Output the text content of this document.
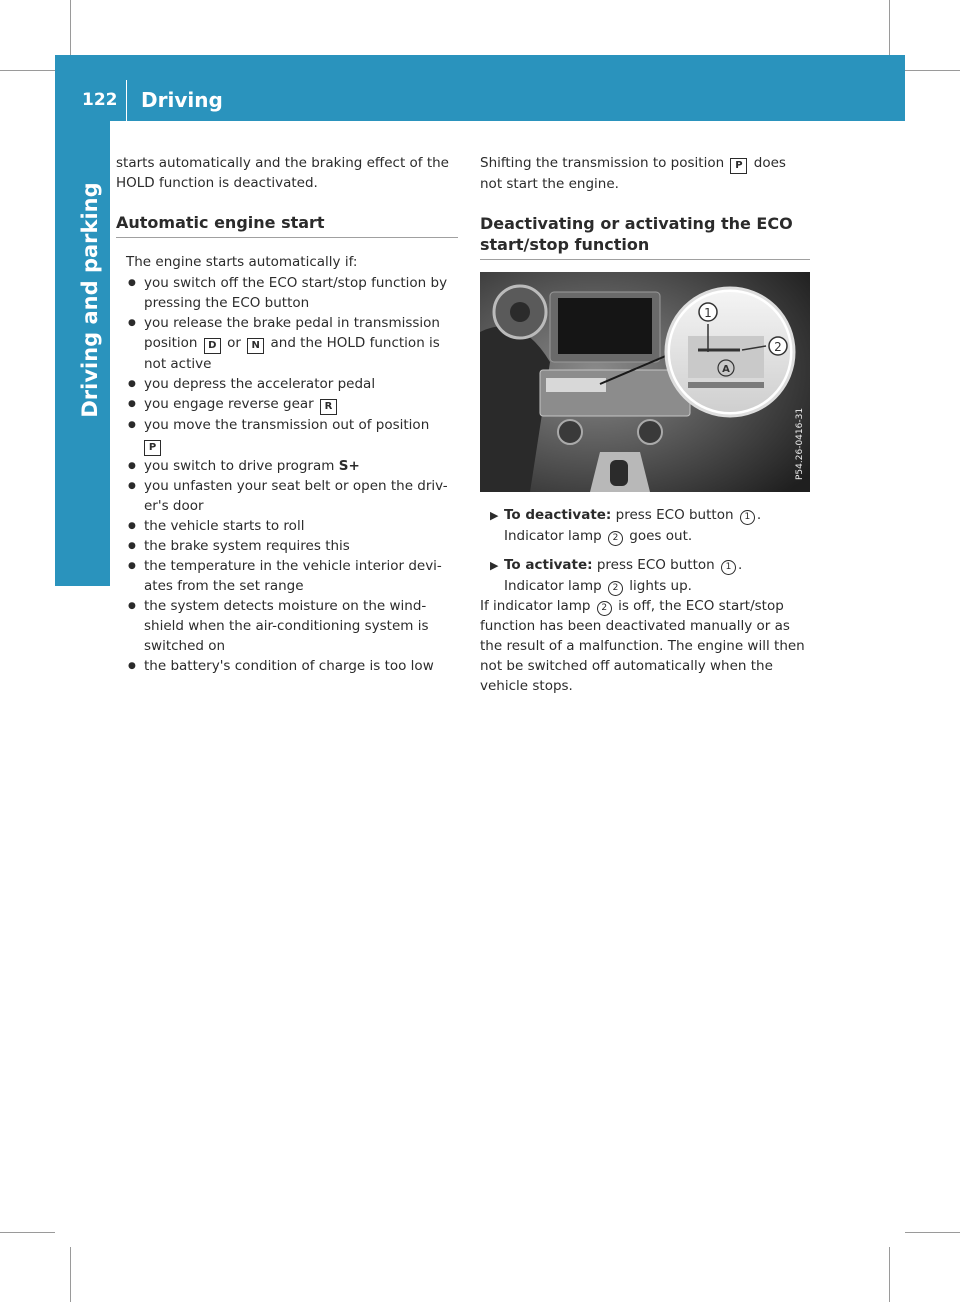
122 Driving
Driving and parking

starts automatically and the braking effect of the HOLD function is deactivated.

Automatic engine start

The engine starts automatically if:

● you switch off the ECO start/stop function by pressing the ECO button
● you release the brake pedal in transmission position D or N and the HOLD function is not active
● you depress the accelerator pedal
● you engage reverse gear R
● you move the transmission out of position
P
● you switch to drive program S+
● you unfasten your seat belt or open the driv- er's door
● the vehicle starts to roll
● the brake system requires this
● the temperature in the vehicle interior devi- ates from the set range
● the system detects moisture on the wind- shield when the air-conditioning system is switched on
● the battery's condition of charge is too low

Shifting the transmission to position P does not start the engine.

Deactivating or activating the ECO start/stop function
1
2
A
P54.26-0416-31

▶ To deactivate: press ECO button 1 .

Indicator lamp 2 goes out.

▶ To activate: press ECO button 1 .

Indicator lamp 2 lights up.

If indicator lamp 2 is off, the ECO start/stop function has been deactivated manually or as the result of a malfunction. The engine will then not be switched off automatically when the vehicle stops.
